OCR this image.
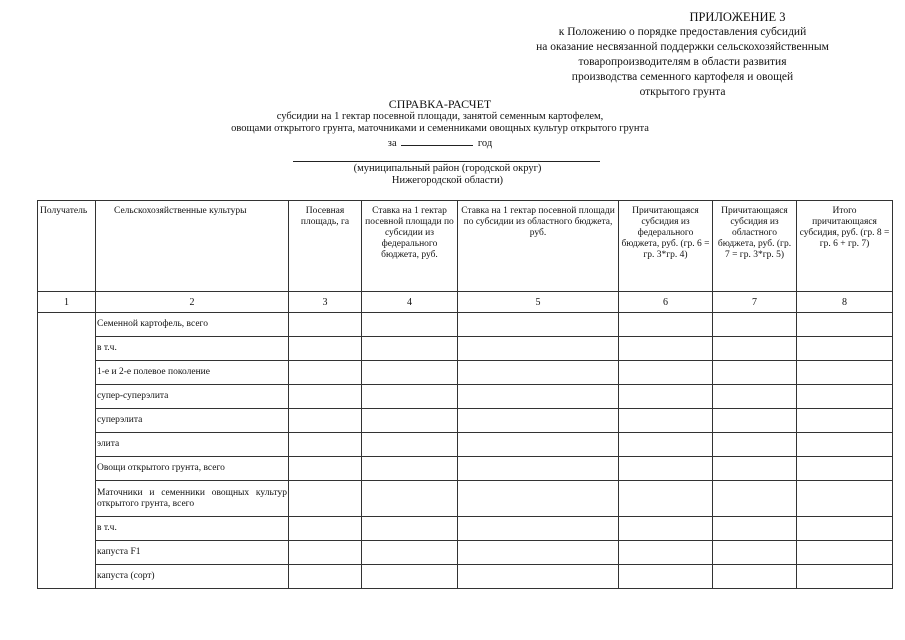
ПРИЛОЖЕНИЕ 3
к Положению о порядке предоставления субсидий
на оказание несвязанной поддержки сельскохозяйственным
товаропроизводителям в области развития
производства семенного картофеля и овощей
открытого грунта
СПРАВКА-РАСЧЕТ
субсидии на 1 гектар посевной площади, занятой семенным картофелем,
овощами открытого грунта, маточниками и семенниками овощных культур открытого грунта
за	год
(муниципальный район (городской округ)
Нижегородской области)
Получатель	Сельскохозяйственные культуры	Посевная площадь, га	Ставка на 1 гектар посевной площади по субсидии из федерального бюджета, руб.	Ставка на 1 гектар посевной площади по субсидии из областного бюджета, руб.	Причитающаяся субсидия из федерального бюджета, руб. (гр. 6 = гр. 3*гр. 4)	Причитающаяся субсидия из областного бюджета, руб. (гр. 7 = гр. 3*гр. 5)	Итого причитающаяся субсидия, руб. (гр. 8 = гр. 6 + гр. 7)
1	2	3	4	5	6	7	8
	Семенной картофель, всего						
	в т.ч.						
	1-е и 2-е полевое поколение						
	супер-суперэлита						
	суперэлита						
	элита						
	Овощи открытого грунта, всего						
	Маточники и семенники овощных культур открытого грунта, всего						
	в т.ч.						
	капуста F1						
	капуста (сорт)						
